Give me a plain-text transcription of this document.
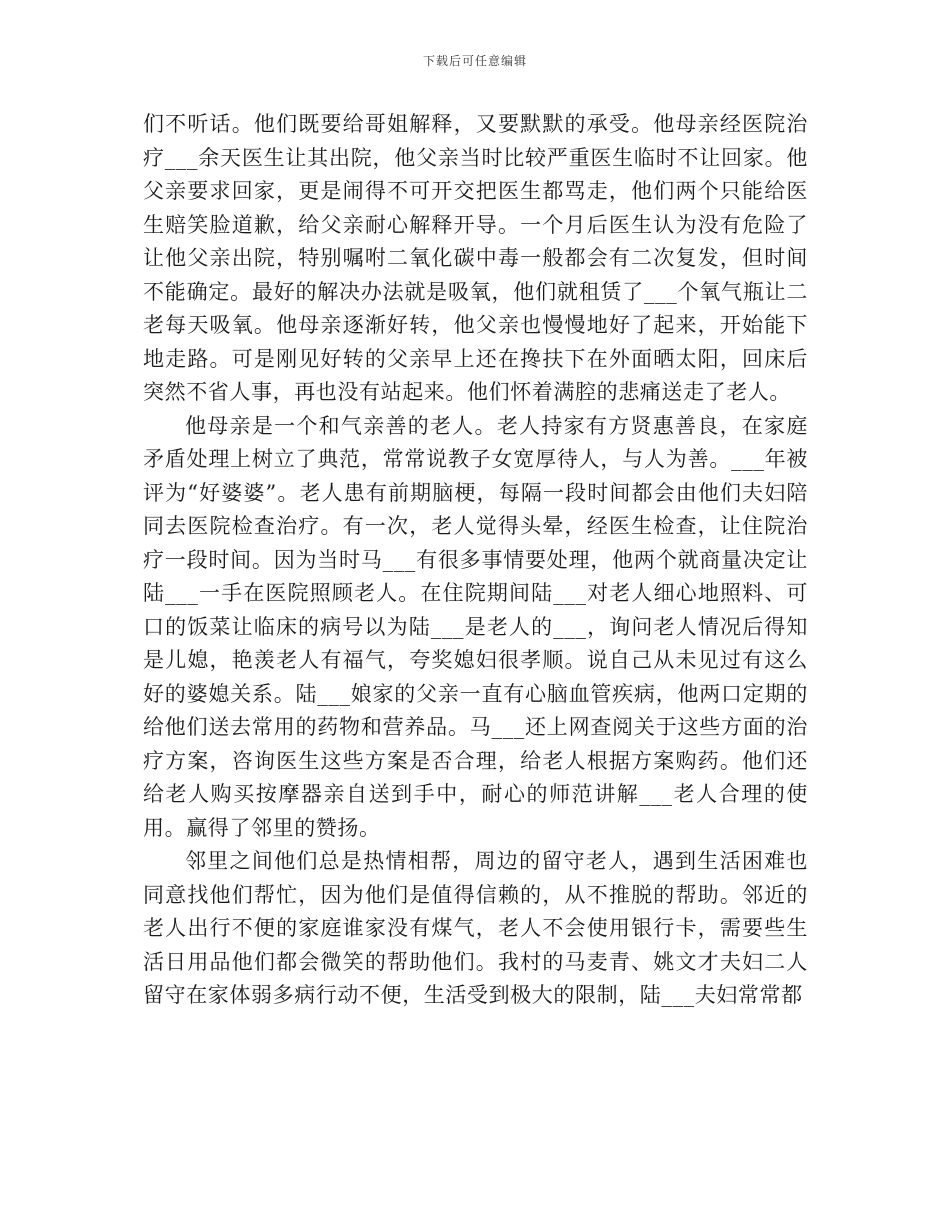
下载后可任意编辑

们不听话。他们既要给哥姐解释，又要默默的承受。他母亲经医院治疗___余天医生让其出院，他父亲当时比较严重医生临时不让回家。他父亲要求回家，更是闹得不可开交把医生都骂走，他们两个只能给医生赔笑脸道歉，给父亲耐心解释开导。一个月后医生认为没有危险了让他父亲出院，特别嘱咐二氧化碳中毒一般都会有二次复发，但时间不能确定。最好的解决办法就是吸氧，他们就租赁了___个氧气瓶让二老每天吸氧。他母亲逐渐好转，他父亲也慢慢地好了起来，开始能下地走路。可是刚见好转的父亲早上还在搀扶下在外面晒太阳，回床后突然不省人事，再也没有站起来。他们怀着满腔的悲痛送走了老人。

他母亲是一个和气亲善的老人。老人持家有方贤惠善良，在家庭矛盾处理上树立了典范，常常说教子女宽厚待人，与人为善。___年被评为“好婆婆”。老人患有前期脑梗，每隔一段时间都会由他们夫妇陪同去医院检查治疗。有一次，老人觉得头晕，经医生检查，让住院治疗一段时间。因为当时马___有很多事情要处理，他两个就商量决定让陆___一手在医院照顾老人。在住院期间陆___对老人细心地照料、可口的饭菜让临床的病号以为陆___是老人的___，询问老人情况后得知是儿媳，艳羡老人有福气，夸奖媳妇很孝顺。说自己从未见过有这么好的婆媳关系。陆___娘家的父亲一直有心脑血管疾病，他两口定期的给他们送去常用的药物和营养品。马___还上网查阅关于这些方面的治疗方案，咨询医生这些方案是否合理，给老人根据方案购药。他们还给老人购买按摩器亲自送到手中，耐心的师范讲解___老人合理的使用。赢得了邻里的赞扬。

邻里之间他们总是热情相帮，周边的留守老人，遇到生活困难也同意找他们帮忙，因为他们是值得信赖的，从不推脱的帮助。邻近的老人出行不便的家庭谁家没有煤气，老人不会使用银行卡，需要些生活日用品他们都会微笑的帮助他们。我村的马麦青、姚文才夫妇二人留守在家体弱多病行动不便，生活受到极大的限制，陆___夫妇常常都
